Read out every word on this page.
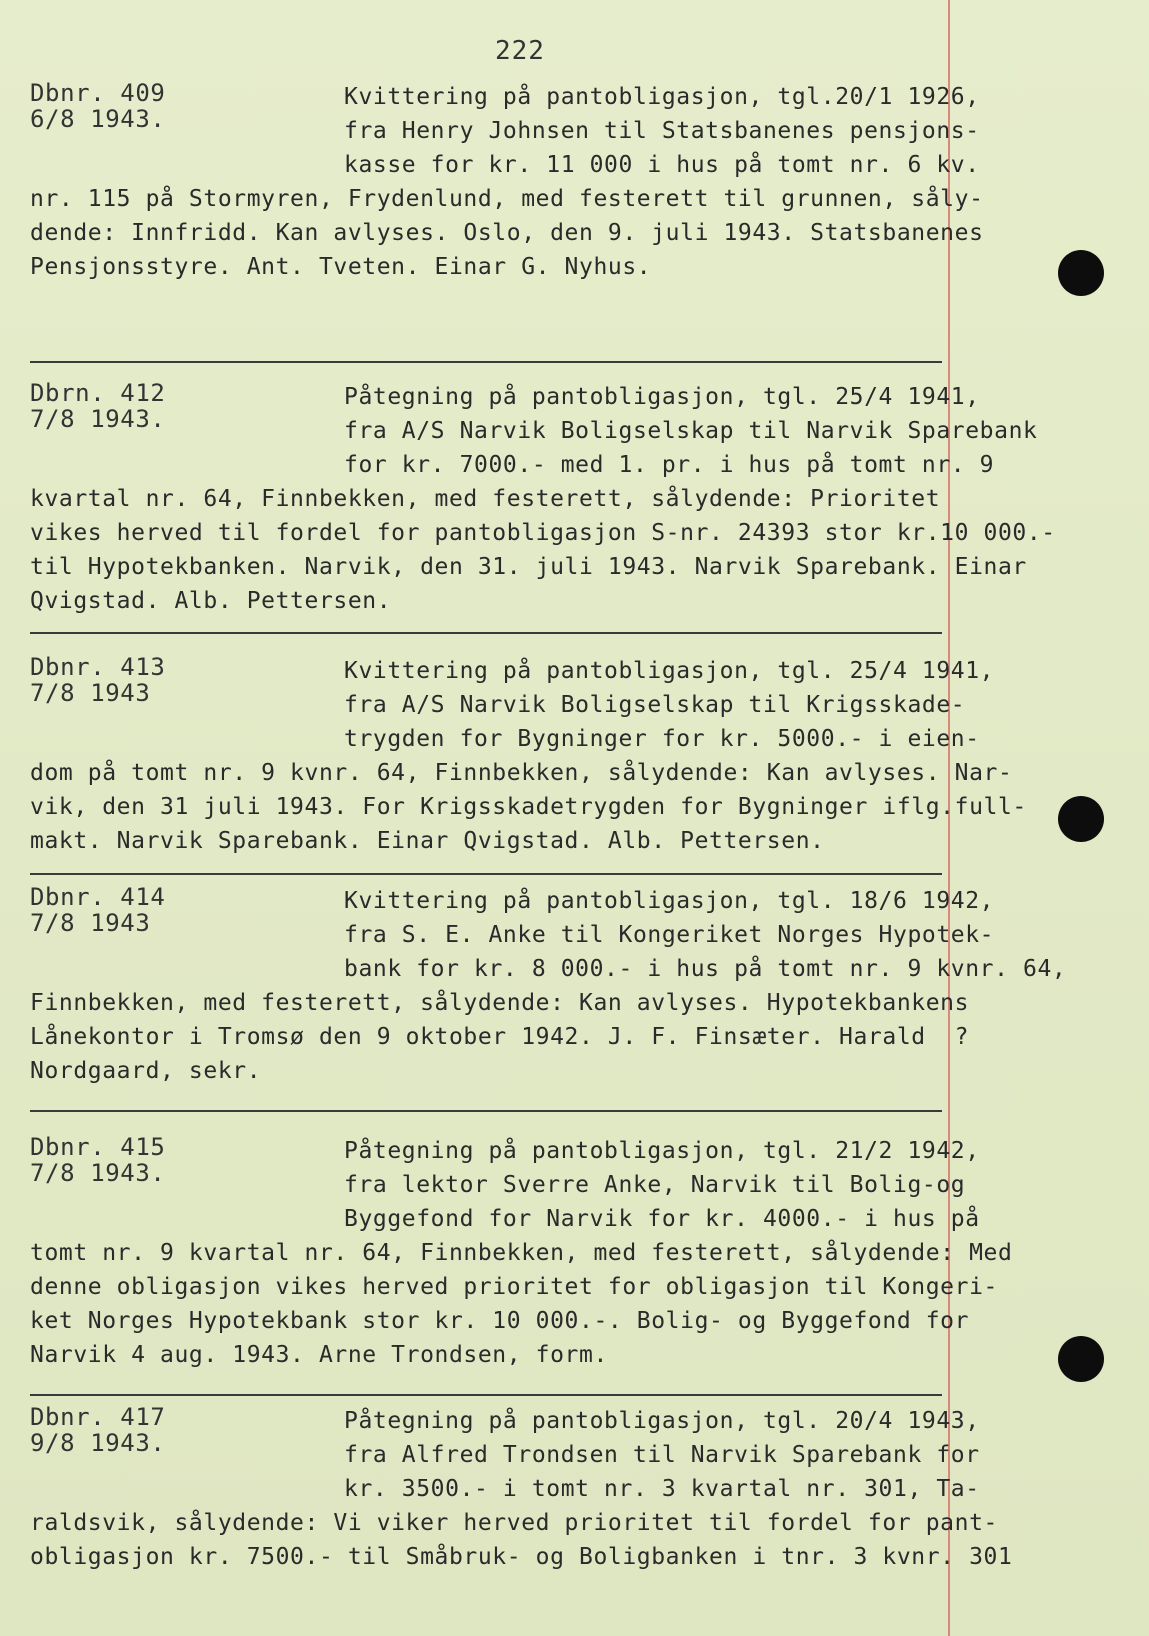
222
Dbnr. 409
6/8 1943.
Kvittering på pantobligasjon, tgl.20/1 1926,
fra Henry Johnsen til Statsbanenes pensjons-
kasse for kr. 11 000 i hus på tomt nr. 6 kv.
nr. 115 på Stormyren, Frydenlund, med festerett til grunnen, såly-
dende: Innfridd. Kan avlyses. Oslo, den 9. juli 1943. Statsbanenes
Pensjonsstyre. Ant. Tveten. Einar G. Nyhus.
Dbrn. 412
7/8 1943.
Påtegning på pantobligasjon, tgl. 25/4 1941,
fra A/S Narvik Boligselskap til Narvik Sparebank
for kr. 7000.- med 1. pr. i hus på tomt nr. 9
kvartal nr. 64, Finnbekken, med festerett, sålydende: Prioritet
vikes herved til fordel for pantobligasjon S-nr. 24393 stor kr.10 000.-
til Hypotekbanken. Narvik, den 31. juli 1943. Narvik Sparebank. Einar
Qvigstad. Alb. Pettersen.
Dbnr. 413
7/8 1943
Kvittering på pantobligasjon, tgl. 25/4 1941,
fra A/S Narvik Boligselskap til Krigsskade-
trygden for Bygninger for kr. 5000.- i eien-
dom på tomt nr. 9 kvnr. 64, Finnbekken, sålydende: Kan avlyses. Nar-
vik, den 31 juli 1943. For Krigsskadetrygden for Bygninger iflg.full-
makt. Narvik Sparebank. Einar Qvigstad. Alb. Pettersen.
Dbnr. 414
7/8 1943
Kvittering på pantobligasjon, tgl. 18/6 1942,
fra S. E. Anke til Kongeriket Norges Hypotek-
bank for kr. 8 000.- i hus på tomt nr. 9 kvnr. 64,
Finnbekken, med festerett, sålydende: Kan avlyses. Hypotekbankens
Lånekontor i Tromsø den 9 oktober 1942. J. F. Finsæter. Harald  ?
Nordgaard, sekr.
Dbnr. 415
7/8 1943.
Påtegning på pantobligasjon, tgl. 21/2 1942,
fra lektor Sverre Anke, Narvik til Bolig-og
Byggefond for Narvik for kr. 4000.- i hus på
tomt nr. 9 kvartal nr. 64, Finnbekken, med festerett, sålydende: Med
denne obligasjon vikes herved prioritet for obligasjon til Kongeri-
ket Norges Hypotekbank stor kr. 10 000.-. Bolig- og Byggefond for
Narvik 4 aug. 1943. Arne Trondsen, form.
Dbnr. 417
9/8 1943.
Påtegning på pantobligasjon, tgl. 20/4 1943,
fra Alfred Trondsen til Narvik Sparebank for
kr. 3500.- i tomt nr. 3 kvartal nr. 301, Ta-
raldsvik, sålydende: Vi viker herved prioritet til fordel for pant-
obligasjon kr. 7500.- til Småbruk- og Boligbanken i tnr. 3 kvnr. 301
